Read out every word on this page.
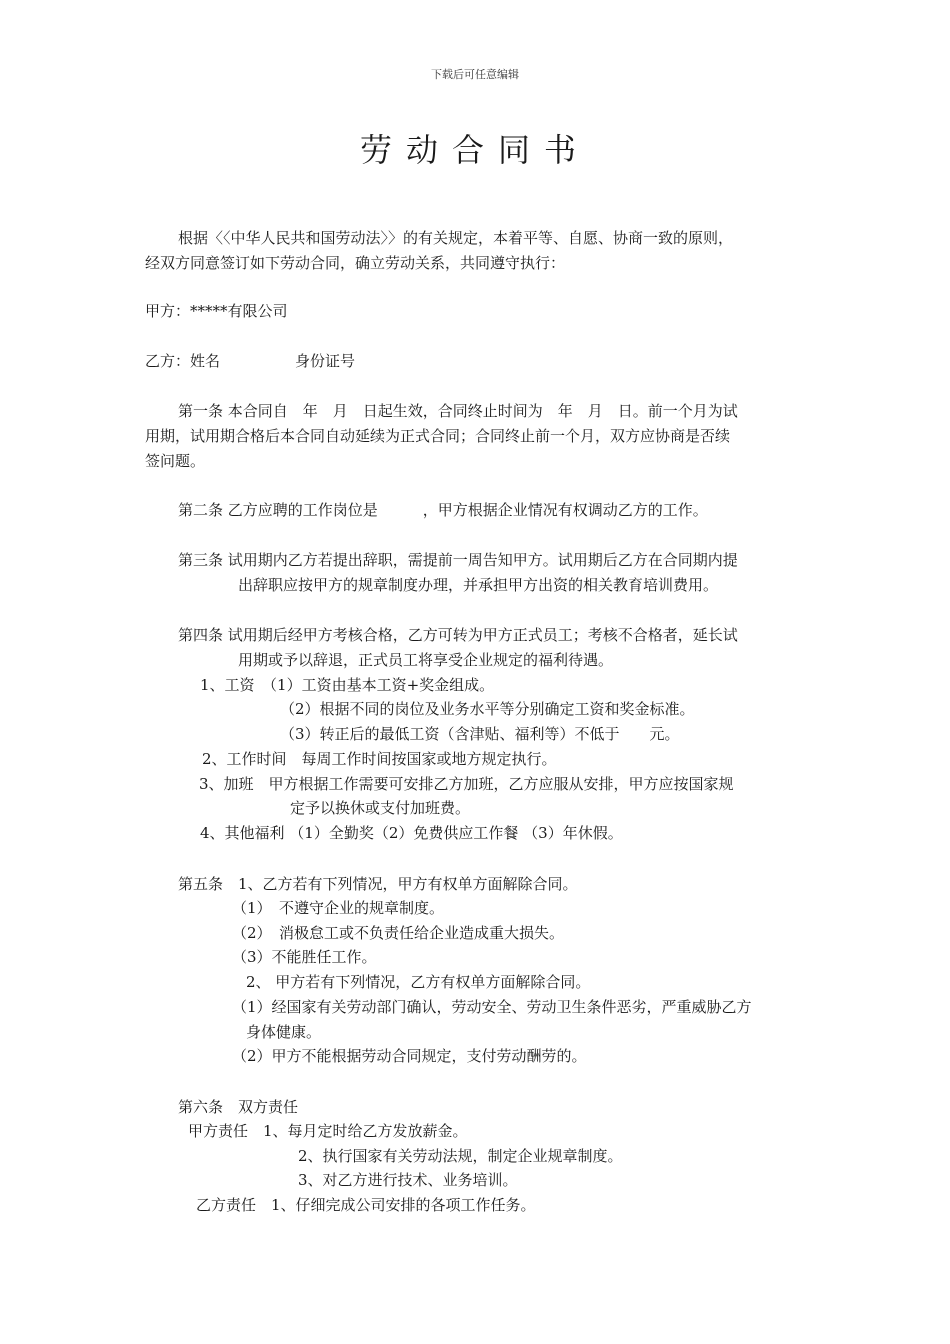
下载后可任意编辑
劳动合同书
根据〈〈中华人民共和国劳动法〉〉的有关规定，本着平等、自愿、协商一致的原则，
经双方同意签订如下劳动合同，确立劳动关系，共同遵守执行：
甲方：*****有限公司
乙方：姓名　　　　　身份证号
第一条 本合同自　年　月　日起生效，合同终止时间为　年　月　日。前一个月为试
用期，试用期合格后本合同自动延续为正式合同；合同终止前一个月，双方应协商是否续
签问题。
第二条 乙方应聘的工作岗位是　　　，甲方根据企业情况有权调动乙方的工作。
第三条 试用期内乙方若提出辞职，需提前一周告知甲方。试用期后乙方在合同期内提
出辞职应按甲方的规章制度办理，并承担甲方出资的相关教育培训费用。
第四条 试用期后经甲方考核合格，乙方可转为甲方正式员工；考核不合格者，延长试
用期或予以辞退，正式员工将享受企业规定的福利待遇。
1、工资　（1）工资由基本工资+奖金组成。
（2）根据不同的岗位及业务水平等分别确定工资和奖金标准。
（3）转正后的最低工资（含津贴、福利等）不低于　　元。
2、工作时间　每周工作时间按国家或地方规定执行。
3、加班　甲方根据工作需要可安排乙方加班，乙方应服从安排，甲方应按国家规
定予以换休或支付加班费。
4、其他福利 （1）全勤奖（2）免费供应工作餐 （3）年休假。
第五条　1、乙方若有下列情况，甲方有权单方面解除合同。
（1）　不遵守企业的规章制度。
（2）　消极怠工或不负责任给企业造成重大损失。
（3）不能胜任工作。
2、 甲方若有下列情况，乙方有权单方面解除合同。
（1）经国家有关劳动部门确认，劳动安全、劳动卫生条件恶劣，严重威胁乙方
身体健康。
（2）甲方不能根据劳动合同规定，支付劳动酬劳的。
第六条　双方责任
甲方责任　1、每月定时给乙方发放薪金。
2、执行国家有关劳动法规，制定企业规章制度。
3、对乙方进行技术、业务培训。
乙方责任　1、仔细完成公司安排的各项工作任务。
